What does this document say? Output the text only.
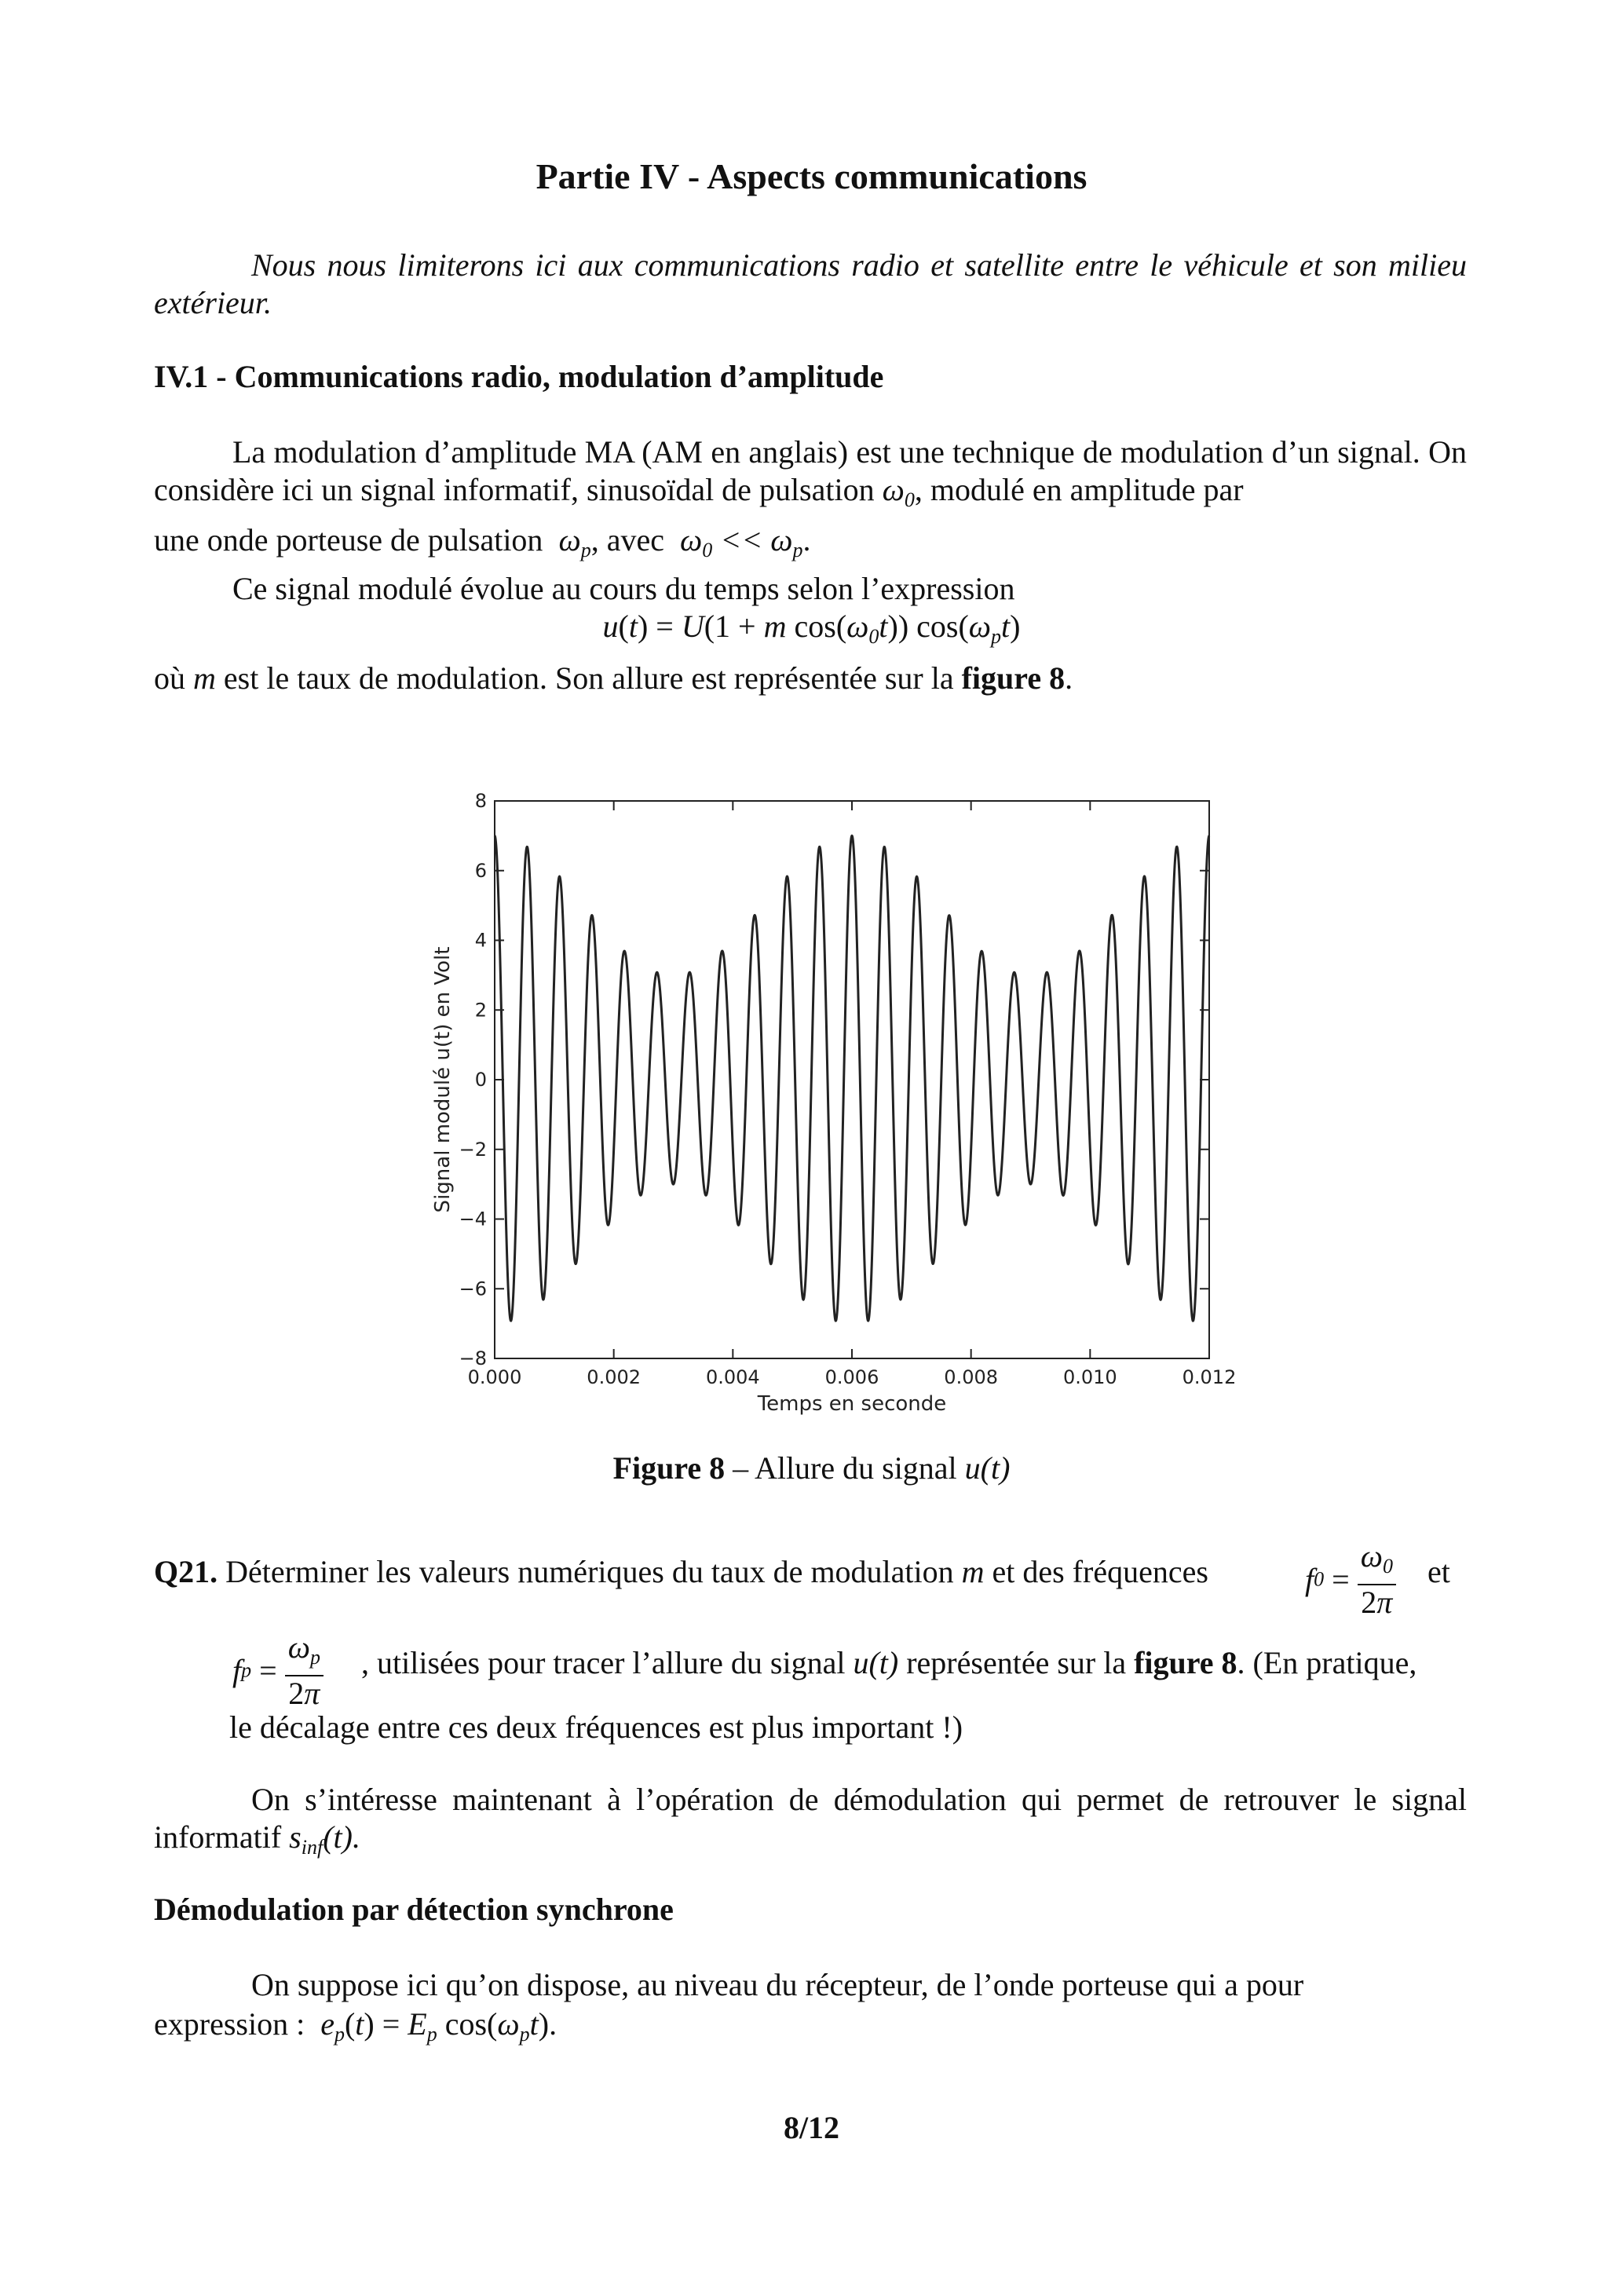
Partie IV - Aspects communications
Nous nous limiterons ici aux communications radio et satellite entre le véhicule et son milieu extérieur.
IV.1 - Communications radio, modulation d’amplitude
La modulation d’amplitude MA (AM en anglais) est une technique de modulation d’un signal. On considère ici un signal informatif, sinusoïdal de pulsation $\omega_0$, modulé en amplitude par
une onde porteuse de pulsation $\omega_p$, avec $\omega_0 << \omega_p$.
Ce signal modulé évolue au cours du temps selon l’expression
u(t) = U(1 + m $\cos(\omega_0t)$) $\cos(\omega_pt)$
où m est le taux de modulation. Son allure est représentée sur la figure 8.
0.000	0.002	0.004	0.006	0.008	0.010	0.012
−8
−6
−4
−2
0
2
4
6
8
Temps en seconde
Signal modulé u(t) en Volt
Figure 8 – Allure du signal u(t)
Q21. Déterminer les valeurs numériques du taux de modulation m et des fréquences	$f0 = \frac{\omega_0}{2\pi}$ et
fp = $\frac{\omega_p}{2\pi}$ , utilisées pour tracer l’allure du signal u(t) représentée sur la figure 8. (En pratique,
le décalage entre ces deux fréquences est plus important !)
On s’intéresse maintenant à l’opération de démodulation qui permet de retrouver le signal informatif $s_{inf}(t)$.
Démodulation par détection synchrone
On suppose ici qu’on dispose, au niveau du récepteur, de l’onde porteuse qui a pour
expression : $e_p(t) = E_p$ $\cos(\omega_pt)$.
8/12
